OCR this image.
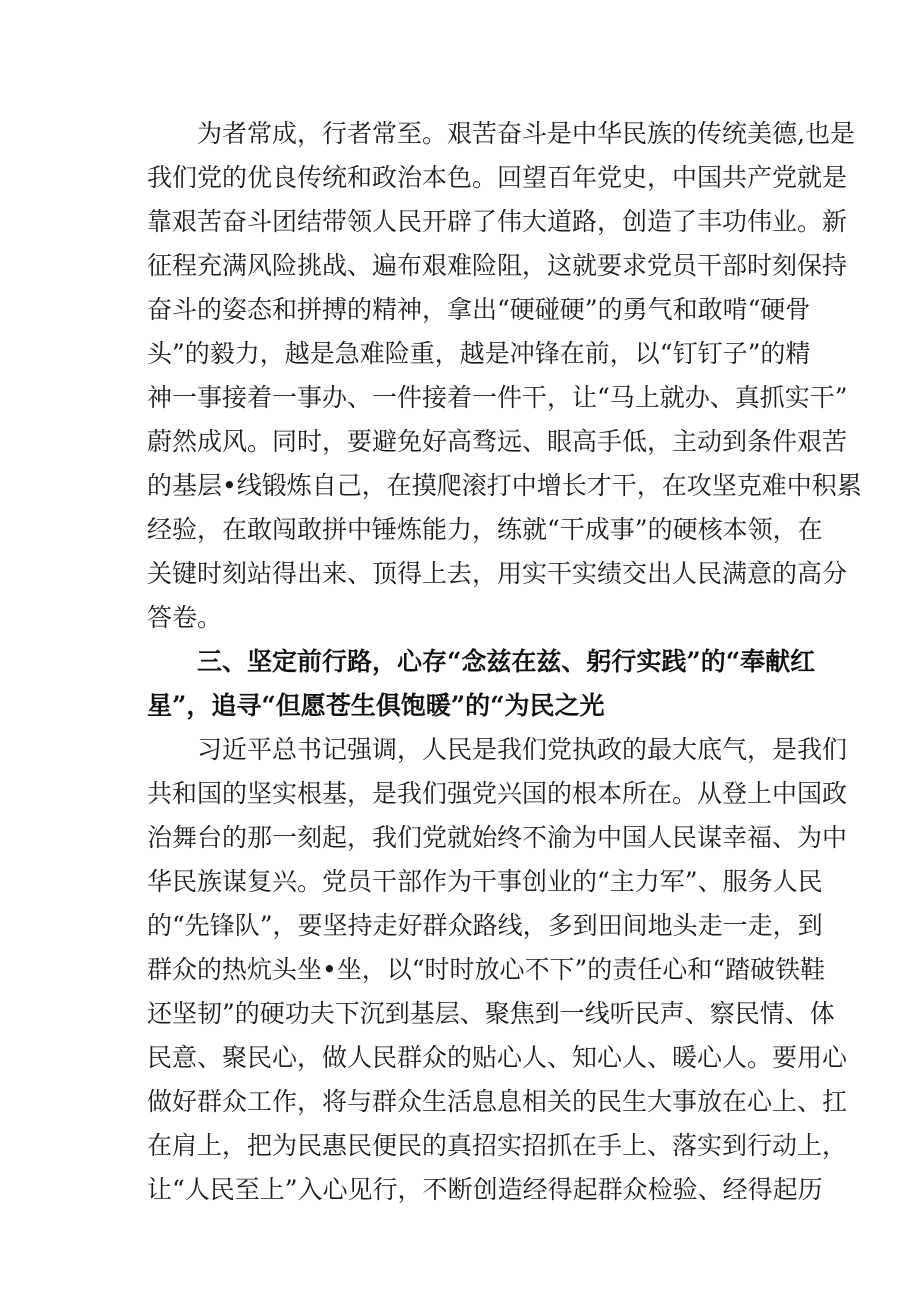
　　为者常成，行者常至。艰苦奋斗是中华民族的传统美德,也是
我们党的优良传统和政治本色。回望百年党史，中国共产党就是
靠艰苦奋斗团结带领人民开辟了伟大道路，创造了丰功伟业。新
征程充满风险挑战、遍布艰难险阻，这就要求党员干部时刻保持
奋斗的姿态和拼搏的精神，拿出“硬碰硬”的勇气和敢啃“硬骨
头”的毅力，越是急难险重，越是冲锋在前，以“钉钉子”的精
神一事接着一事办、一件接着一件干，让“马上就办、真抓实干”
蔚然成风。同时，要避免好高骛远、眼高手低，主动到条件艰苦
的基层•线锻炼自己，在摸爬滚打中增长才干，在攻坚克难中积累
经验，在敢闯敢拼中锤炼能力，练就“干成事”的硬核本领，在
关键时刻站得出来、顶得上去，用实干实绩交出人民满意的高分
答卷。
　　三、坚定前行路，心存“念兹在兹、躬行实践”的“奉献红
星”，追寻“但愿苍生俱饱暖”的“为民之光
　　习近平总书记强调，人民是我们党执政的最大底气，是我们
共和国的坚实根基，是我们强党兴国的根本所在。从登上中国政
治舞台的那一刻起，我们党就始终不渝为中国人民谋幸福、为中
华民族谋复兴。党员干部作为干事创业的“主力军”、服务人民
的“先锋队”，要坚持走好群众路线，多到田间地头走一走，到
群众的热炕头坐•坐，以“时时放心不下”的责任心和“踏破铁鞋
还坚韧”的硬功夫下沉到基层、聚焦到一线听民声、察民情、体
民意、聚民心，做人民群众的贴心人、知心人、暖心人。要用心
做好群众工作，将与群众生活息息相关的民生大事放在心上、扛
在肩上，把为民惠民便民的真招实招抓在手上、落实到行动上，
让“人民至上”入心见行，不断创造经得起群众检验、经得起历
